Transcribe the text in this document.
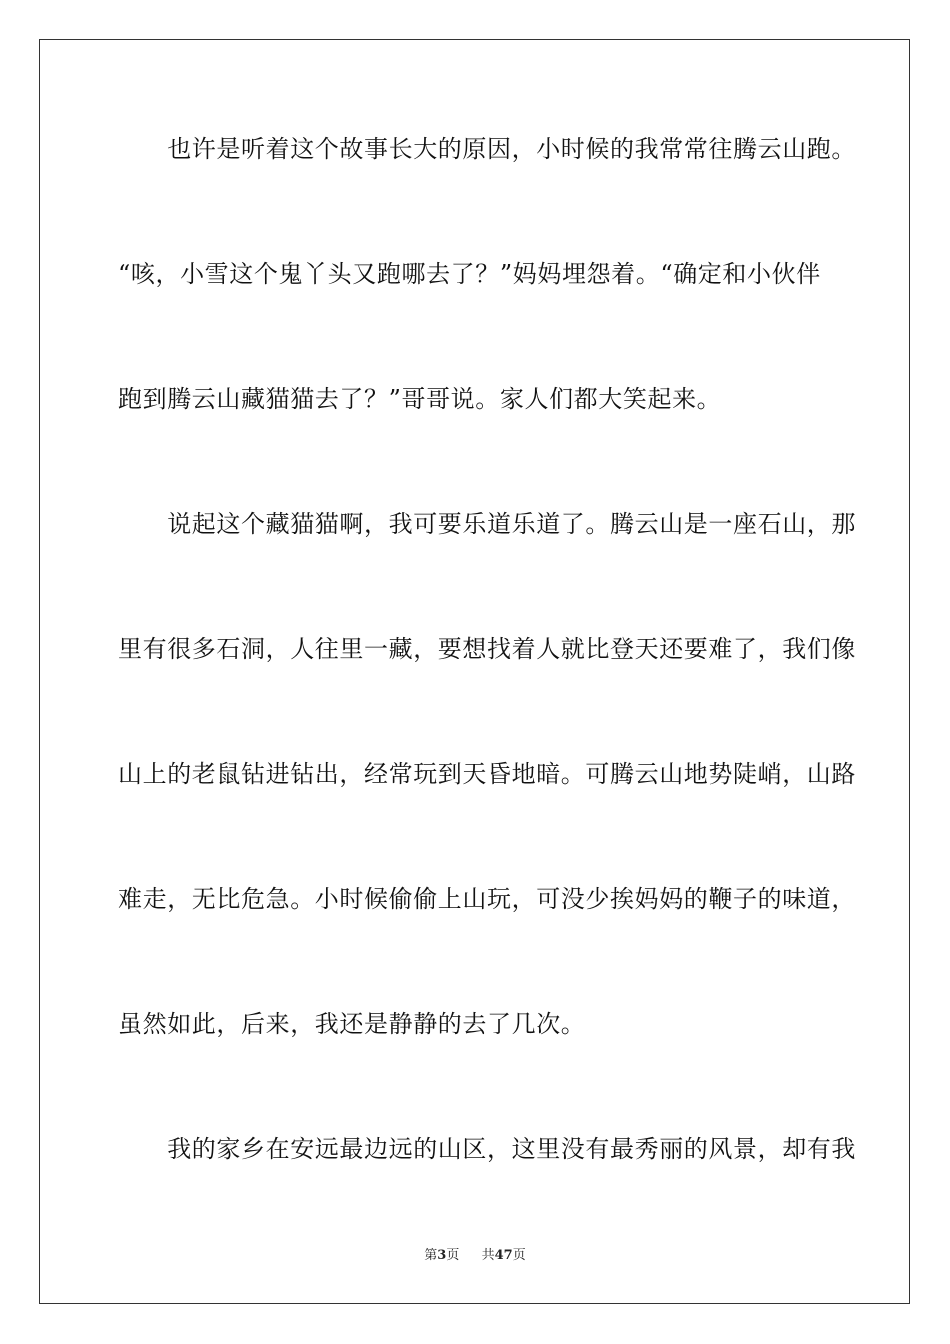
　　也许是听着这个故事长大的原因，小时候的我常常往腾云山跑。
“咳，小雪这个鬼丫头又跑哪去了？”妈妈埋怨着。“确定和小伙伴
跑到腾云山藏猫猫去了？”哥哥说。家人们都大笑起来。
　　说起这个藏猫猫啊，我可要乐道乐道了。腾云山是一座石山，那
里有很多石洞，人往里一藏，要想找着人就比登天还要难了，我们像
山上的老鼠钻进钻出，经常玩到天昏地暗。可腾云山地势陡峭，山路
难走，无比危急。小时候偷偷上山玩，可没少挨妈妈的鞭子的味道，
虽然如此，后来，我还是静静的去了几次。
　　我的家乡在安远最边远的山区，这里没有最秀丽的风景，却有我
第3页 共47页
